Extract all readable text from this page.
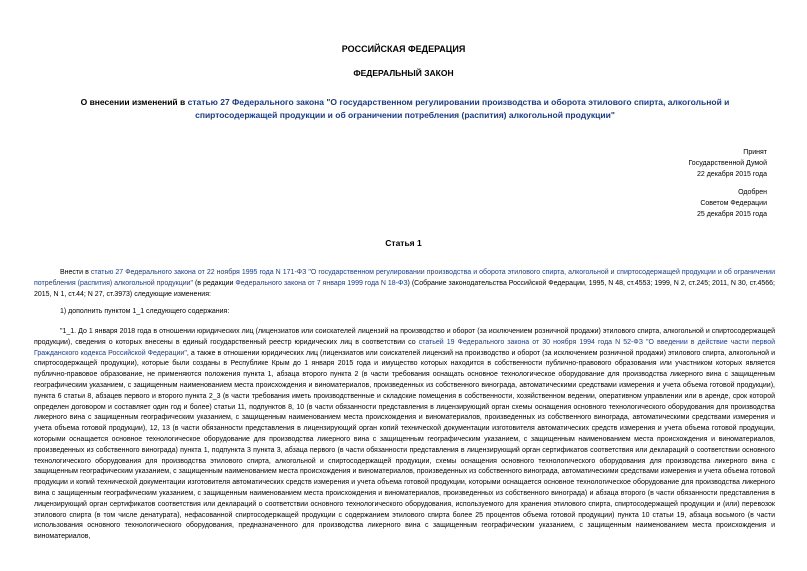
РОССИЙСКАЯ ФЕДЕРАЦИЯ
ФЕДЕРАЛЬНЫЙ ЗАКОН
О внесении изменений в статью 27 Федерального закона "О государственном регулировании производства и оборота этилового спирта, алкогольной и спиртосодержащей продукции и об ограничении потребления (распития) алкогольной продукции"
Принят
Государственной Думой
22 декабря 2015 года
Одобрен
Советом Федерации
25 декабря 2015 года
Статья 1
Внести в статью 27 Федерального закона от 22 ноября 1995 года N 171-ФЗ "О государственном регулировании производства и оборота этилового спирта, алкогольной и спиртосодержащей продукции и об ограничении потребления (распития) алкогольной продукции" (в редакции Федерального закона от 7 января 1999 года N 18-ФЗ) (Собрание законодательства Российской Федерации, 1995, N 48, ст.4553; 1999, N 2, ст.245; 2011, N 30, ст.4566; 2015, N 1, ст.44; N 27, ст.3973) следующие изменения:
1) дополнить пунктом 1_1 следующего содержания:
"1_1. До 1 января 2018 года в отношении юридических лиц (лицензиатов или соискателей лицензий на производство и оборот (за исключением розничной продажи) этилового спирта, алкогольной и спиртосодержащей продукции), сведения о которых внесены в единый государственный реестр юридических лиц в соответствии со статьей 19 Федерального закона от 30 ноября 1994 года N 52-ФЗ "О введении в действие части первой Гражданского кодекса Российской Федерации", а также в отношении юридических лиц (лицензиатов или соискателей лицензий на производство и оборот (за исключением розничной продажи) этилового спирта, алкогольной и спиртосодержащей продукции), которые были созданы в Республике Крым до 1 января 2015 года и имущество которых находится в собственности публично-правового образования или участником которых является публично-правовое образование, не применяются положения пункта 1, абзаца второго пункта 2 (в части требования оснащать основное технологическое оборудование для производства ликерного вина с защищенным географическим указанием, с защищенным наименованием места происхождения и виноматериалов, произведенных из собственного винограда, автоматическими средствами измерения и учета объема готовой продукции), пункта 6 статьи 8, абзацев первого и второго пункта 2_3 (в части требования иметь производственные и складские помещения в собственности, хозяйственном ведении, оперативном управлении или в аренде, срок которой определен договором и составляет один год и более) статьи 11, подпунктов 8, 10 (в части обязанности представления в лицензирующий орган схемы оснащения основного технологического оборудования для производства ликерного вина с защищенным географическим указанием, с защищенным наименованием места происхождения и виноматериалов, произведенных из собственного винограда, автоматическими средствами измерения и учета объема готовой продукции), 12, 13 (в части обязанности представления в лицензирующий орган копий технической документации изготовителя автоматических средств измерения и учета объема готовой продукции, которыми оснащается основное технологическое оборудование для производства ликерного вина с защищенным географическим указанием, с защищенным наименованием места происхождения и виноматериалов, произведенных из собственного винограда) пункта 1, подпункта 3 пункта 3, абзаца первого (в части обязанности представления в лицензирующий орган сертификатов соответствия или деклараций о соответствии основного технологического оборудования для производства этилового спирта, алкогольной и спиртосодержащей продукции, схемы оснащения основного технологического оборудования для производства ликерного вина с защищенным географическим указанием, с защищенным наименованием места происхождения и виноматериалов, произведенных из собственного винограда, автоматическими средствами измерения и учета объема готовой продукции и копий технической документации изготовителя автоматических средств измерения и учета объема готовой продукции, которыми оснащается основное технологическое оборудование для производства ликерного вина с защищенным географическим указанием, с защищенным наименованием места происхождения и виноматериалов, произведенных из собственного винограда) и абзаца второго (в части обязанности представления в лицензирующий орган сертификатов соответствия или деклараций о соответствии основного технологического оборудования, используемого для хранения этилового спирта, спиртосодержащей продукции и (или) перевозок этилового спирта (в том числе денатурата), нефасованной спиртосодержащей продукции с содержанием этилового спирта более 25 процентов объема готовой продукции) пункта 10 статьи 19, абзаца восьмого (в части использования основного технологического оборудования, предназначенного для производства ликерного вина с защищенным географическим указанием, с защищенным наименованием места происхождения и виноматериалов,
